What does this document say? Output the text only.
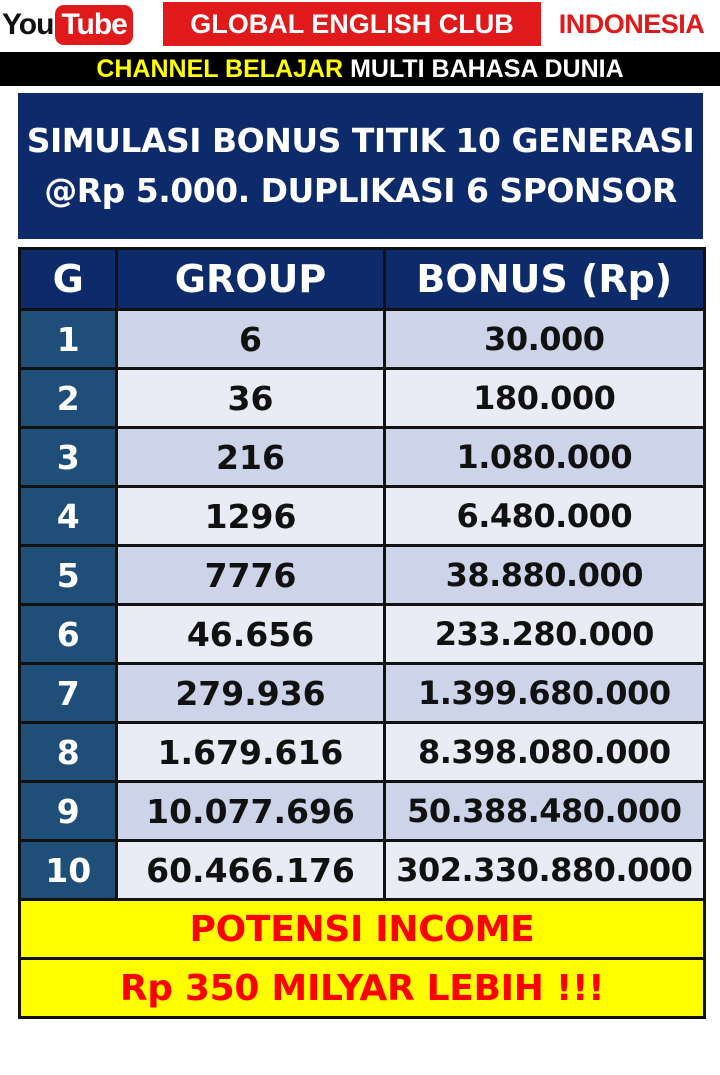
You Tube	GLOBAL ENGLISH CLUB	INDONESIA
CHANNEL BELAJAR MULTI BAHASA DUNIA
SIMULASI BONUS TITIK 10 GENERASI
@Rp 5.000. DUPLIKASI 6 SPONSOR
G	GROUP	BONUS (Rp)
1	6	30.000
2	36	180.000
3	216	1.080.000
4	1296	6.480.000
5	7776	38.880.000
6	46.656	233.280.000
7	279.936	1.399.680.000
8	1.679.616	8.398.080.000
9	10.077.696	50.388.480.000
10	60.466.176	302.330.880.000
POTENSI INCOME		
Rp 350 MILYAR LEBIH !!!		
